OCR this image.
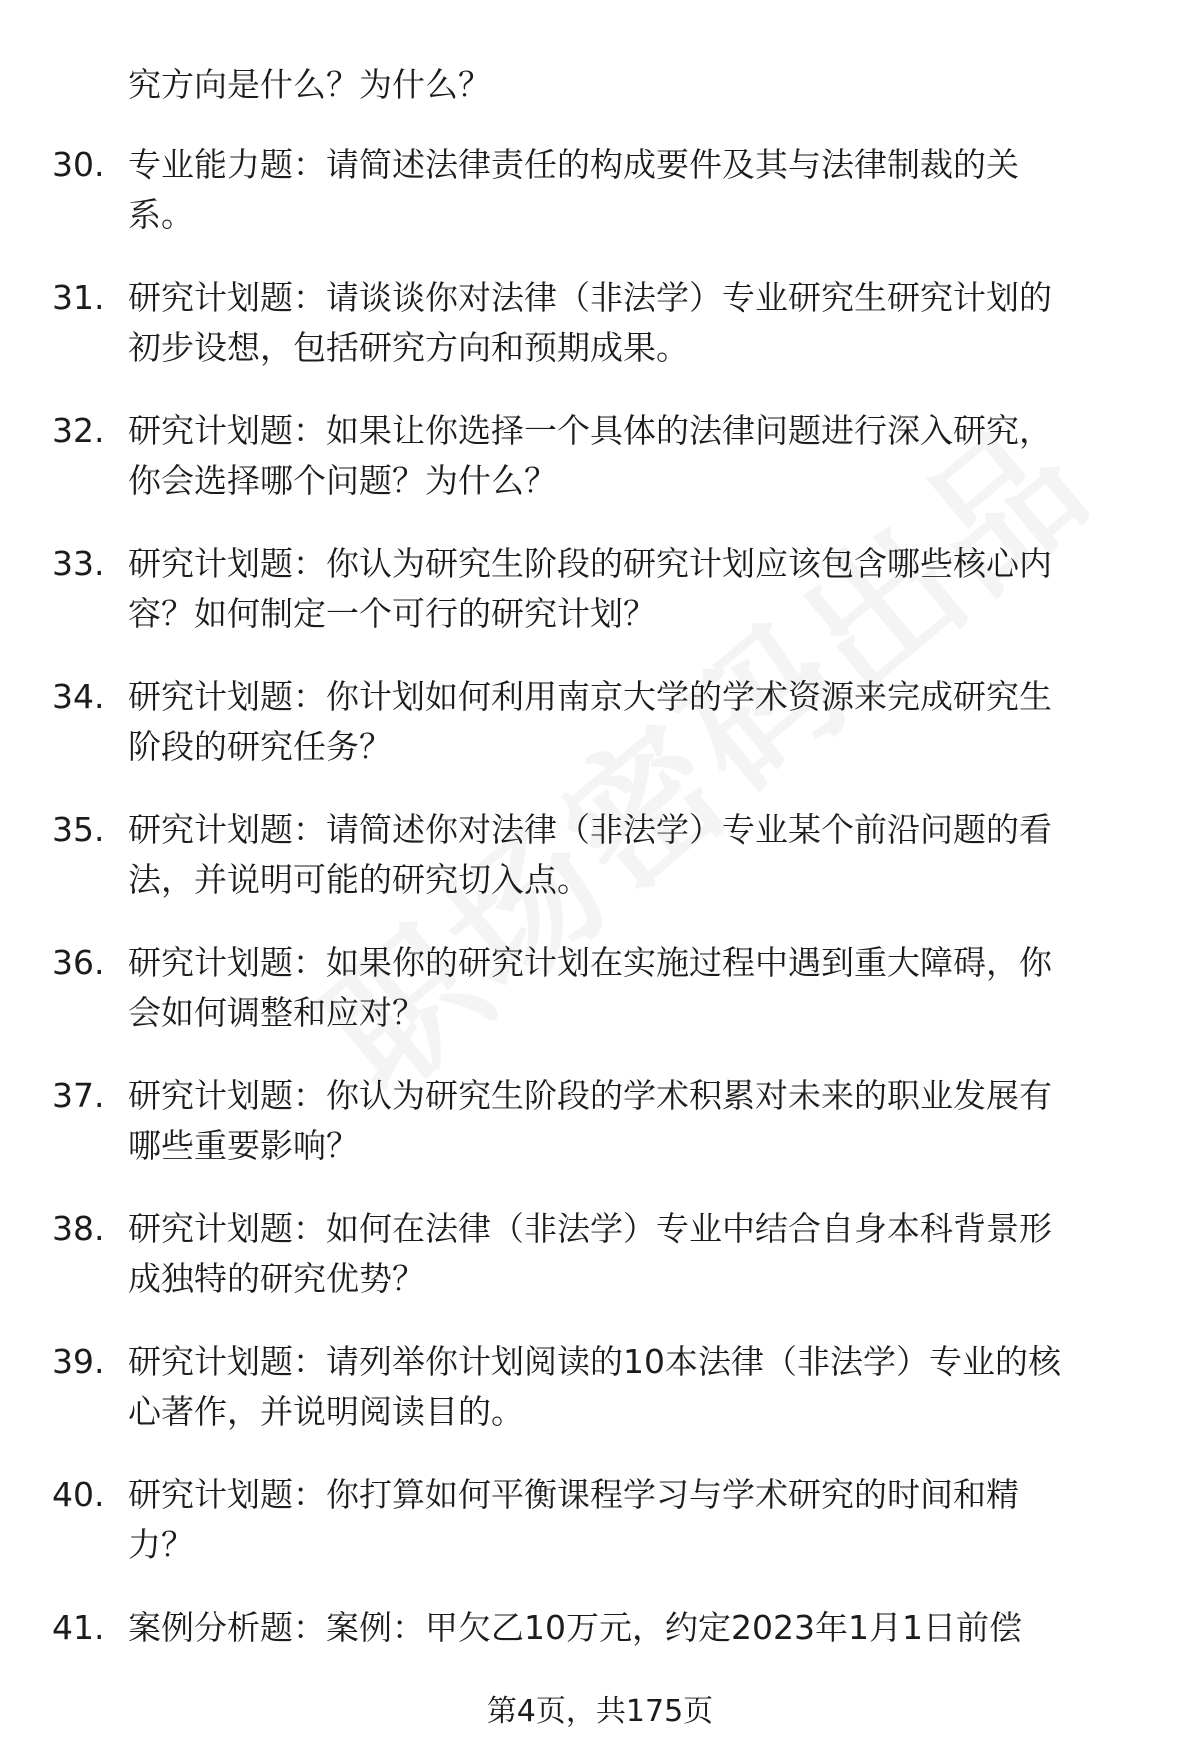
究方向是什么？为什么？

30. 专业能力题：请简述法律责任的构成要件及其与法律制裁的关
系。
31. 研究计划题：请谈谈你对法律（非法学）专业研究生研究计划的
初步设想，包括研究方向和预期成果。
32. 研究计划题：如果让你选择一个具体的法律问题进行深入研究，
你会选择哪个问题？为什么？
33. 研究计划题：你认为研究生阶段的研究计划应该包含哪些核心内
容？如何制定一个可行的研究计划？
34. 研究计划题：你计划如何利用南京大学的学术资源来完成研究生
阶段的研究任务？
35. 研究计划题：请简述你对法律（非法学）专业某个前沿问题的看
法，并说明可能的研究切入点。
36. 研究计划题：如果你的研究计划在实施过程中遇到重大障碍，你
会如何调整和应对？
37. 研究计划题：你认为研究生阶段的学术积累对未来的职业发展有
哪些重要影响？
38. 研究计划题：如何在法律（非法学）专业中结合自身本科背景形
成独特的研究优势？
39. 研究计划题：请列举你计划阅读的10本法律（非法学）专业的核
心著作，并说明阅读目的。
40. 研究计划题：你打算如何平衡课程学习与学术研究的时间和精
力？
41. 案例分析题：案例：甲欠乙10万元，约定2023年1月1日前偿
第4页，共175页
